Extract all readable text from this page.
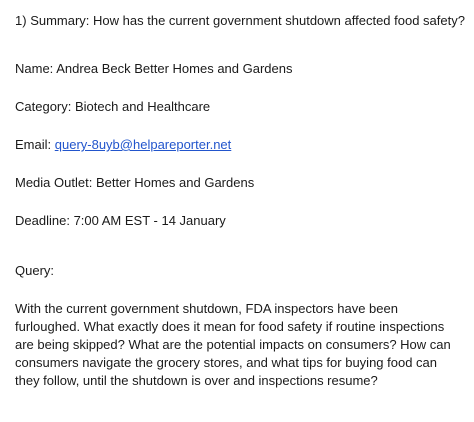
1) Summary: How has the current government shutdown affected food safety?

Name: Andrea Beck Better Homes and Gardens

Category: Biotech and Healthcare

Email: query-8uyb@helpareporter.net

Media Outlet: Better Homes and Gardens

Deadline: 7:00 AM EST - 14 January

Query:

With the current government shutdown, FDA inspectors have been furloughed. What exactly does it mean for food safety if routine inspections are being skipped? What are the potential impacts on consumers? How can consumers navigate the grocery stores, and what tips for buying food can they follow, until the shutdown is over and inspections resume?
